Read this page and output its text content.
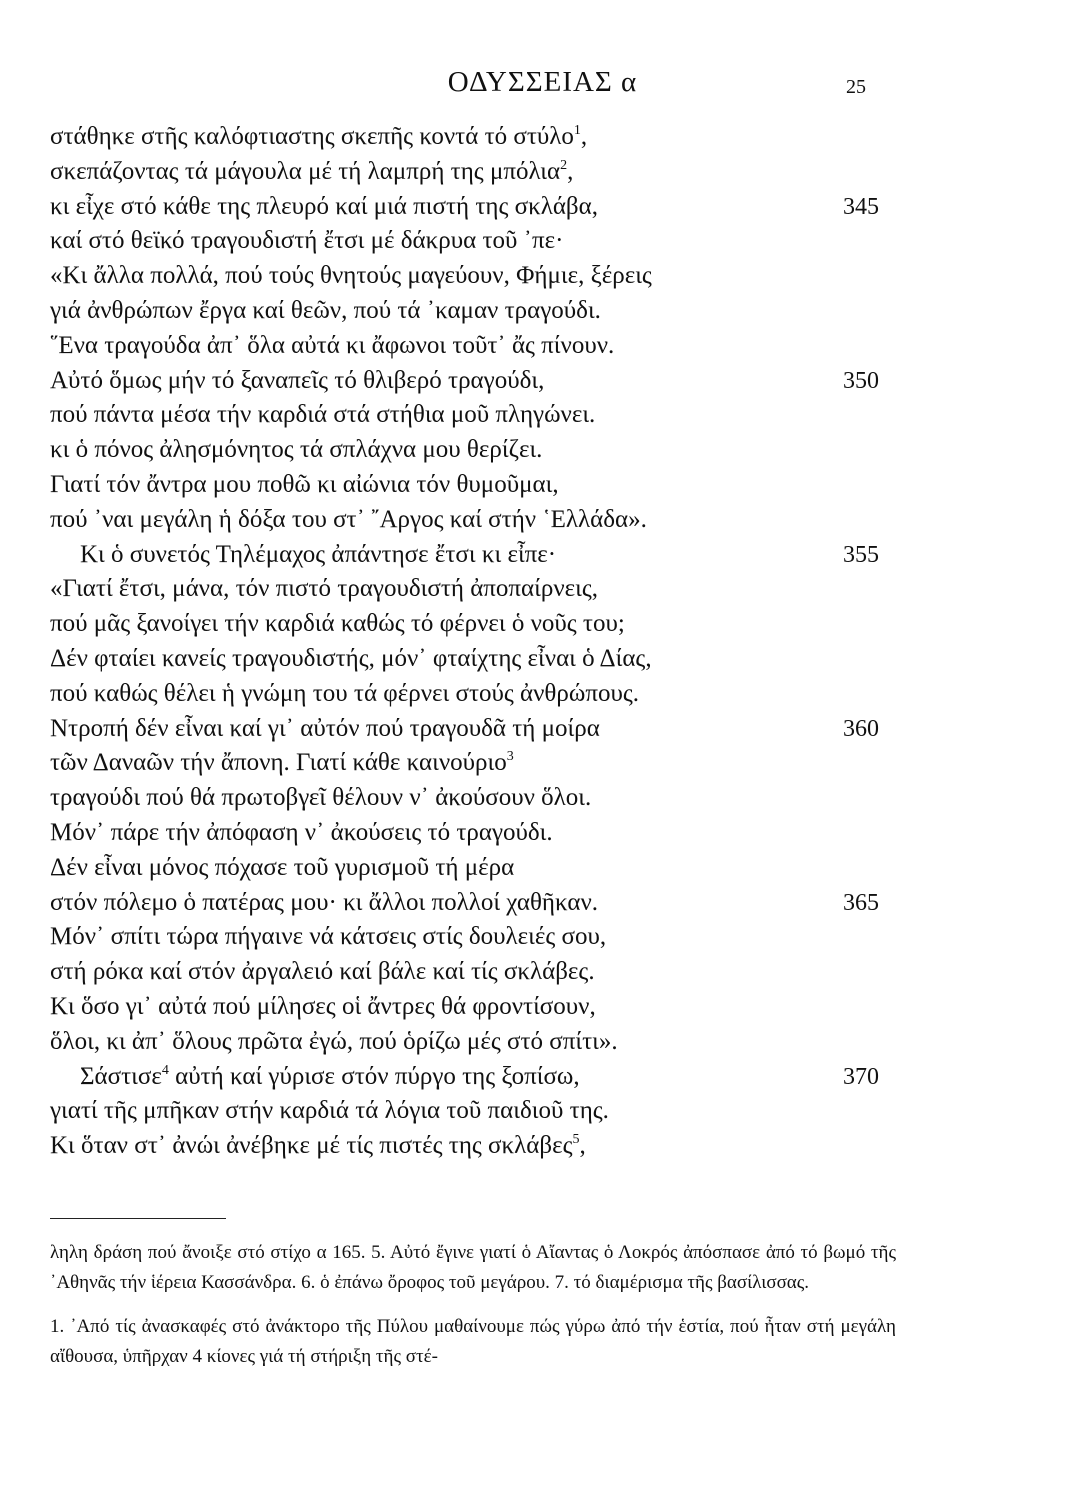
ΟΔΥΣΣΕΙΑΣ α	25
στάθηκε στῆς καλόφτιαστης σκεπῆς κοντά τό στύλο$^1$,
σκεπάζοντας τά μάγουλα μέ τή λαμπρή της μπόλια$^2$,
κι εἶχε στό κάθε της πλευρό καί μιά πιστή της σκλάβα,	345
καί στό θεϊκό τραγουδιστή ἔτσι μέ δάκρυα τοῦ ᾽πε·
«Κι ἄλλα πολλά, πού τούς θνητούς μαγεύουν, Φήμιε, ξέρεις
γιά ἀνθρώπων ἔργα καί θεῶν, πού τά ᾽καμαν τραγούδι.
῞Ενα τραγούδα ἀπ᾽ ὅλα αὐτά κι ἄφωνοι τοῦτ᾽ ἄς πίνουν.
Αὐτό ὅμως μήν τό ξαναπεῖς τό θλιβερό τραγούδι,	350
πού πάντα μέσα τήν καρδιά στά στήθια μοῦ πληγώνει.
κι ὁ πόνος ἀλησμόνητος τά σπλάχνα μου θερίζει.
Γιατί τόν ἄντρα μου ποθῶ κι αἰώνια τόν θυμοῦμαι,
πού ᾽ναι μεγάλη ἡ δόξα του στ᾽ ῎Αργος καί στήν ῾Ελλάδα».
Κι ὁ συνετός Τηλέμαχος ἀπάντησε ἔτσι κι εἶπε·	355
«Γιατί ἔτσι, μάνα, τόν πιστό τραγουδιστή ἀποπαίρνεις,
πού μᾶς ξανοίγει τήν καρδιά καθώς τό φέρνει ὁ νοῦς του;
Δέν φταίει κανείς τραγουδιστής, μόν᾽ φταίχτης εἶναι ὁ Δίας,
πού καθώς θέλει ἡ γνώμη του τά φέρνει στούς ἀνθρώπους.
Ντροπή δέν εἶναι καί γι᾽ αὐτόν πού τραγουδᾶ τή μοίρα	360
τῶν Δαναῶν τήν ἄπονη. Γιατί κάθε καινούριο$^3$
τραγούδι πού θά πρωτοβγεῖ θέλουν ν᾽ ἀκούσουν ὅλοι.
Μόν᾽ πάρε τήν ἀπόφαση ν᾽ ἀκούσεις τό τραγούδι.
Δέν εἶναι μόνος πόχασε τοῦ γυρισμοῦ τή μέρα
στόν πόλεμο ὁ πατέρας μου· κι ἄλλοι πολλοί χαθῆκαν.	365
Μόν᾽ σπίτι τώρα πήγαινε νά κάτσεις στίς δουλειές σου,
στή ρόκα καί στόν ἀργαλειό καί βάλε καί τίς σκλάβες.
Κι ὅσο γι᾽ αὐτά πού μίλησες οἱ ἄντρες θά φροντίσουν,
ὅλοι, κι ἀπ᾽ ὅλους πρῶτα ἐγώ, πού ὁρίζω μές στό σπίτι».
Σάστισε$^4$ αὐτή καί γύρισε στόν πύργο της ξοπίσω,	370
γιατί τῆς μπῆκαν στήν καρδιά τά λόγια τοῦ παιδιοῦ της.
Κι ὅταν στ᾽ ἀνώι ἀνέβηκε μέ τίς πιστές της σκλάβες$^5$,

ληλη δράση πού ἄνοιξε στό στίχο α 165. 5. Αὐτό ἔγινε γιατί ὁ Αἴαντας ὁ Λοκρός ἀπόσπασε ἀπό τό βωμό τῆς ᾽Αθηνᾶς τήν ἱέρεια Κασσάνδρα. 6. ὁ ἐπάνω ὄροφος τοῦ μεγάρου. 7. τό διαμέρισμα τῆς βασίλισσας.

1. ᾽Από τίς ἀνασκαφές στό ἀνάκτορο τῆς Πύλου μαθαίνουμε πώς γύρω ἀπό τήν ἑστία, πού ἦταν στή μεγάλη αἴθουσα, ὑπῆρχαν 4 κίονες γιά τή στήριξη τῆς στέ-
